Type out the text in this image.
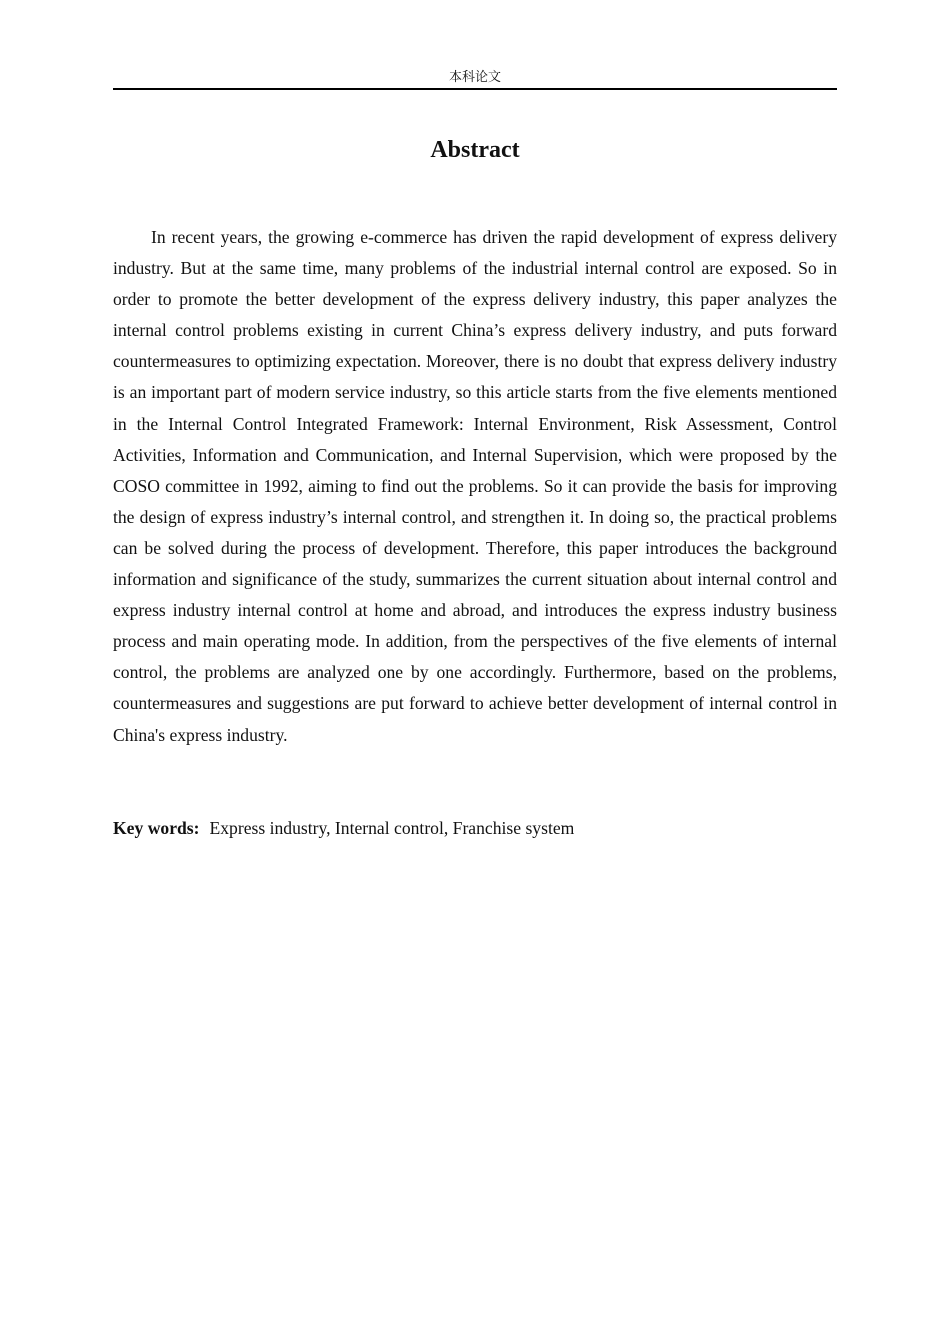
本科论文
Abstract

In recent years, the growing e-commerce has driven the rapid development of express delivery industry. But at the same time, many problems of the industrial internal control are exposed. So in order to promote the better development of the express delivery industry, this paper analyzes the internal control problems existing in current China’s express delivery industry, and puts forward countermeasures to optimizing expectation. Moreover, there is no doubt that express delivery industry is an important part of modern service industry, so this article starts from the five elements mentioned in the Internal Control Integrated Framework: Internal Environment, Risk Assessment, Control Activities, Information and Communication, and Internal Supervision, which were proposed by the COSO committee in 1992, aiming to find out the problems. So it can provide the basis for improving the design of express industry’s internal control, and strengthen it. In doing so, the practical problems can be solved during the process of development. Therefore, this paper introduces the background information and significance of the study, summarizes the current situation about internal control and express industry internal control at home and abroad, and introduces the express industry business process and main operating mode. In addition, from the perspectives of the five elements of internal control, the problems are analyzed one by one accordingly. Furthermore, based on the problems, countermeasures and suggestions are put forward to achieve better development of internal control in China's express industry.

Key words: Express industry, Internal control, Franchise system
